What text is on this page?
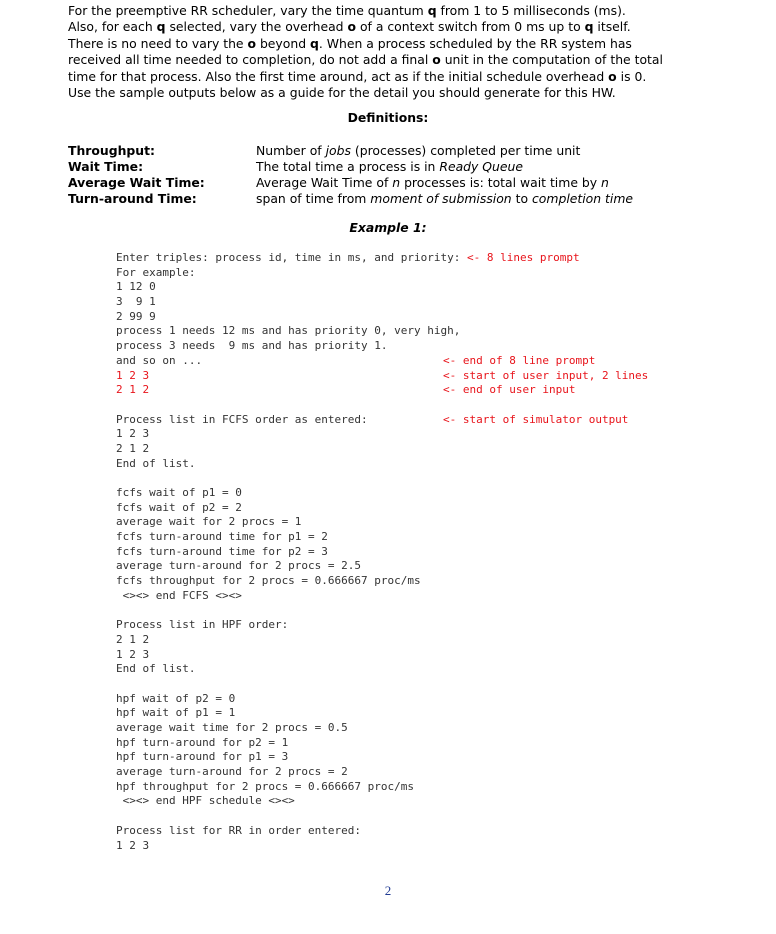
For the preemptive RR scheduler, vary the time quantum q from 1 to 5 milliseconds (ms).
Also, for each q selected, vary the overhead o of a context switch from 0 ms up to q itself.
There is no need to vary the o beyond q. When a process scheduled by the RR system has
received all time needed to completion, do not add a final o unit in the computation of the total
time for that process. Also the first time around, act as if the initial schedule overhead o is 0.
Use the sample outputs below as a guide for the detail you should generate for this HW.
Definitions:
Throughput:	Number of jobs (processes) completed per time unit
Wait Time:	The total time a process is in Ready Queue
Average Wait Time:	Average Wait Time of n processes is: total wait time by n
Turn-around Time:	span of time from moment of submission to completion time
Example 1:
Enter triples: process id, time in ms, and priority: <- 8 lines prompt
For example:
1 12 0
3  9 1
2 99 9
process 1 needs 12 ms and has priority 0, very high,
process 3 needs  9 ms and has priority 1.
and so on ...	<- end of 8 line prompt
1 2 3	<- start of user input, 2 lines
2 1 2	<- end of user input
Process list in FCFS order as entered:	<- start of simulator output
1 2 3
2 1 2
End of list.
fcfs wait of p1 = 0
fcfs wait of p2 = 2
average wait for 2 procs = 1
fcfs turn-around time for p1 = 2
fcfs turn-around time for p2 = 3
average turn-around for 2 procs = 2.5
fcfs throughput for 2 procs = 0.666667 proc/ms
<><> end FCFS <><>
Process list in HPF order:
2 1 2
1 2 3
End of list.
hpf wait of p2 = 0
hpf wait of p1 = 1
average wait time for 2 procs = 0.5
hpf turn-around for p2 = 1
hpf turn-around for p1 = 3
average turn-around for 2 procs = 2
hpf throughput for 2 procs = 0.666667 proc/ms
<><> end HPF schedule <><>
Process list for RR in order entered:
1 2 3
2
